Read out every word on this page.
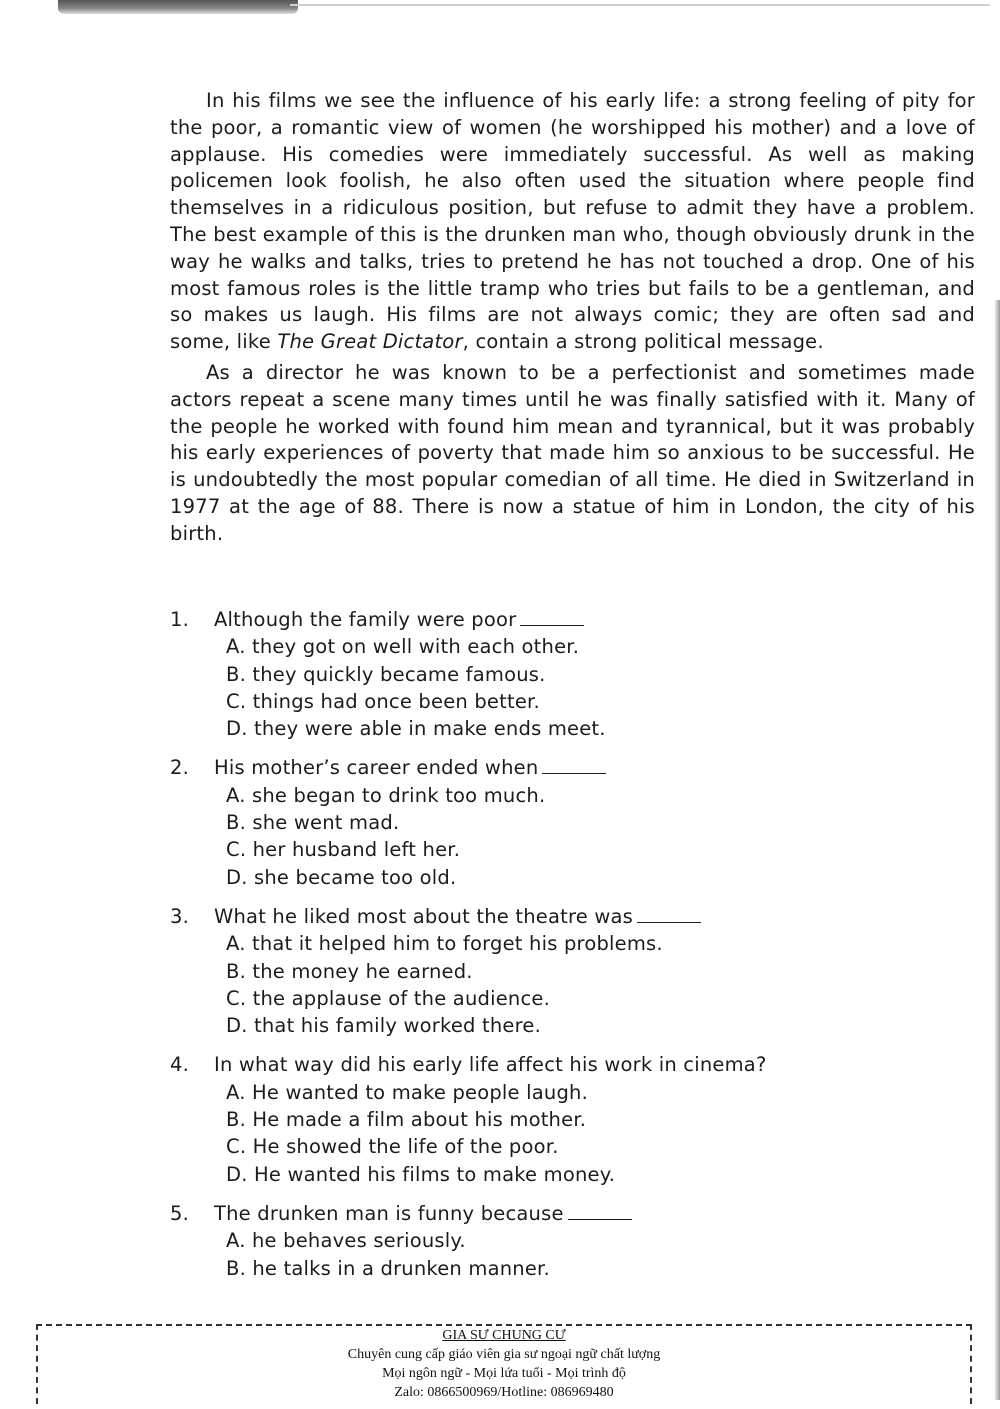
In his films we see the influence of his early life: a strong feeling of pity for the poor, a romantic view of women (he worshipped his mother) and a love of applause. His comedies were immediately successful. As well as making policemen look foolish, he also often used the situation where people find themselves in a ridiculous position, but refuse to admit they have a problem. The best example of this is the drunken man who, though obviously drunk in the way he walks and talks, tries to pretend he has not touched a drop. One of his most famous roles is the little tramp who tries but fails to be a gentleman, and so makes us laugh. His films are not always comic; they are often sad and some, like The Great Dictator, contain a strong political message.

As a director he was known to be a perfectionist and sometimes made actors repeat a scene many times until he was finally satisfied with it. Many of the people he worked with found him mean and tyrannical, but it was probably his early experiences of poverty that made him so anxious to be successful. He is undoubtedly the most popular comedian of all time. He died in Switzerland in 1977 at the age of 88. There is now a statue of him in London, the city of his birth.

1.	Although the family were poor
A. they got on well with each other.
B. they quickly became famous.
C. things had once been better.
D. they were able in make ends meet.
2.	His mother’s career ended when
A. she began to drink too much.
B. she went mad.
C. her husband left her.
D. she became too old.
3.	What he liked most about the theatre was
A. that it helped him to forget his problems.
B. the money he earned.
C. the applause of the audience.
D. that his family worked there.
4.	In what way did his early life affect his work in cinema?
A. He wanted to make people laugh.
B. He made a film about his mother.
C. He showed the life of the poor.
D. He wanted his films to make money.
5.	The drunken man is funny because
A. he behaves seriously.
B. he talks in a drunken manner.
GIA SƯ CHUNG CƯ
Chuyên cung cấp giáo viên gia sư ngoại ngữ chất lượng
Mọi ngôn ngữ - Mọi lứa tuổi - Mọi trình độ
Zalo: 0866500969/Hotline: 086969480
